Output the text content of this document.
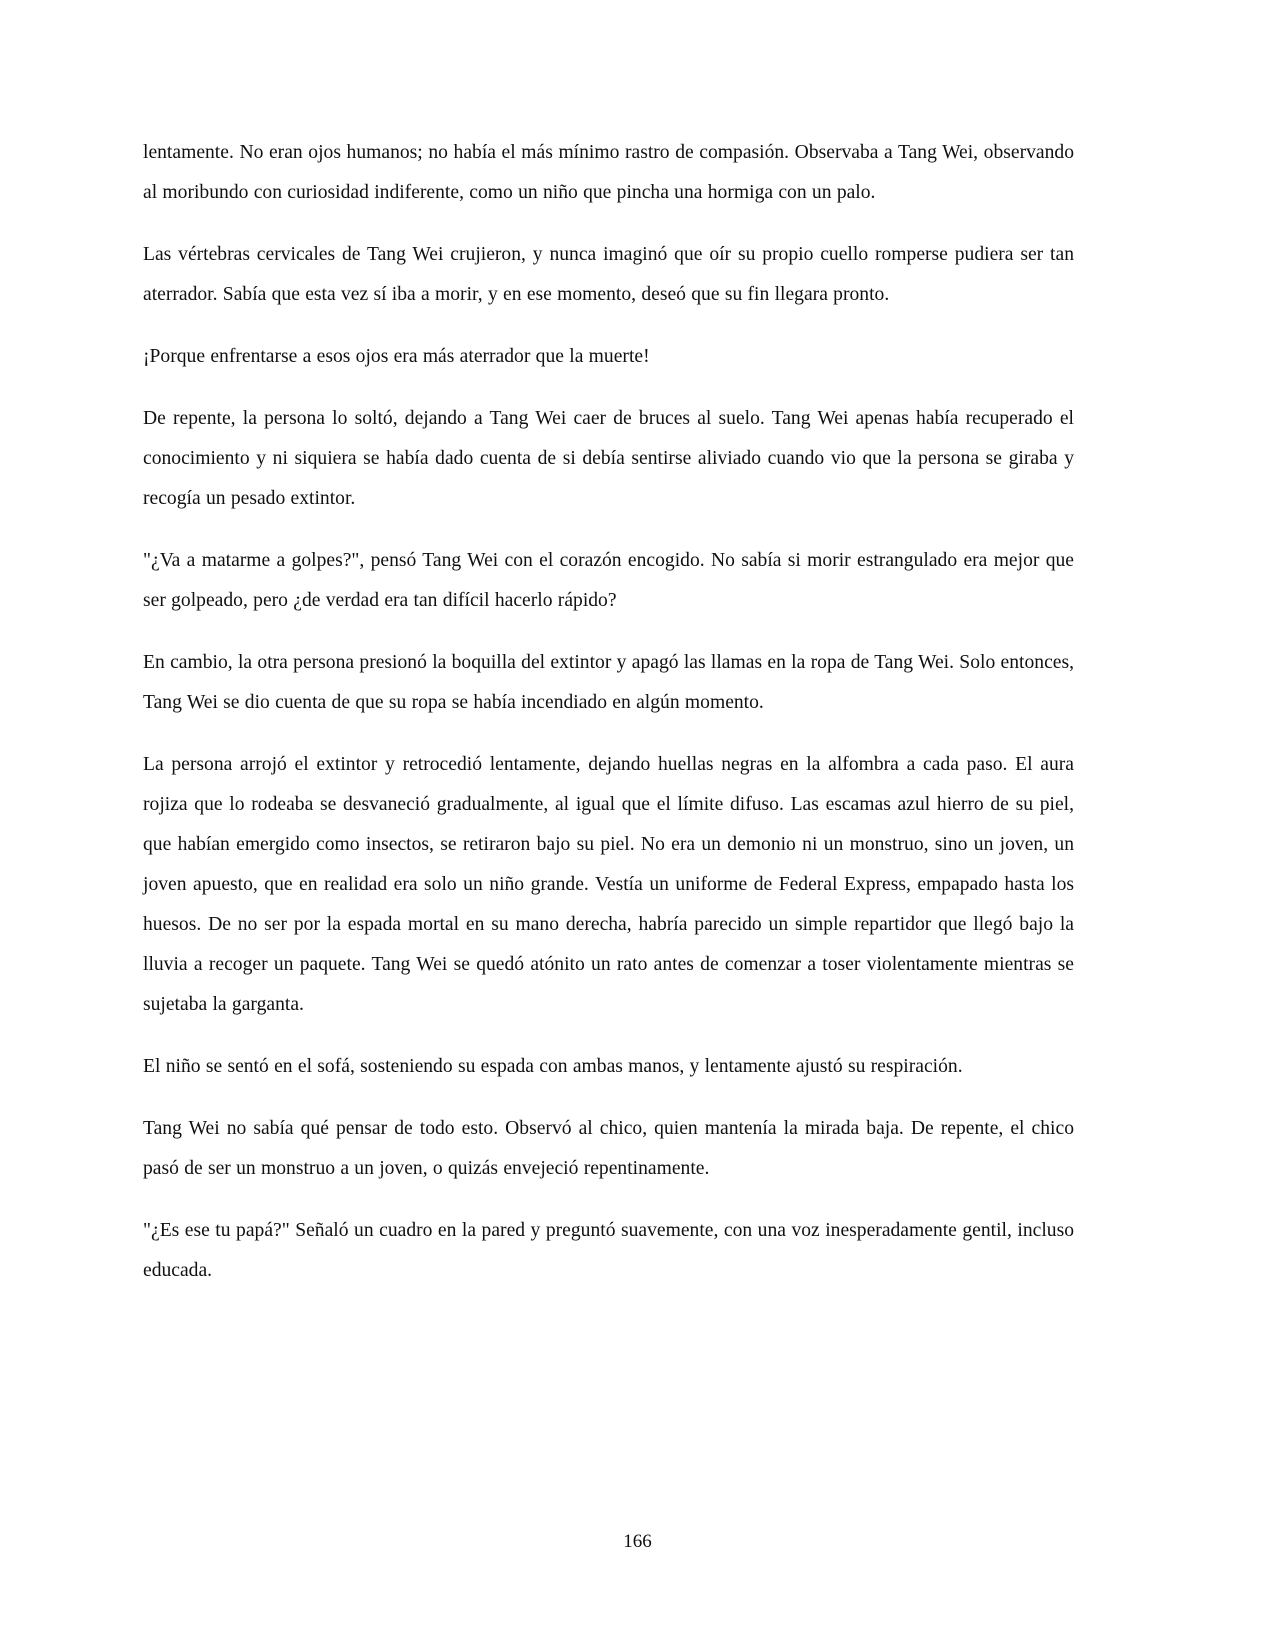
lentamente. No eran ojos humanos; no había el más mínimo rastro de compasión. Observaba a Tang Wei, observando al moribundo con curiosidad indiferente, como un niño que pincha una hormiga con un palo.

Las vértebras cervicales de Tang Wei crujieron, y nunca imaginó que oír su propio cuello romperse pudiera ser tan aterrador. Sabía que esta vez sí iba a morir, y en ese momento, deseó que su fin llegara pronto.

¡Porque enfrentarse a esos ojos era más aterrador que la muerte!

De repente, la persona lo soltó, dejando a Tang Wei caer de bruces al suelo. Tang Wei apenas había recuperado el conocimiento y ni siquiera se había dado cuenta de si debía sentirse aliviado cuando vio que la persona se giraba y recogía un pesado extintor.

"¿Va a matarme a golpes?", pensó Tang Wei con el corazón encogido. No sabía si morir estrangulado era mejor que ser golpeado, pero ¿de verdad era tan difícil hacerlo rápido?

En cambio, la otra persona presionó la boquilla del extintor y apagó las llamas en la ropa de Tang Wei. Solo entonces, Tang Wei se dio cuenta de que su ropa se había incendiado en algún momento.

La persona arrojó el extintor y retrocedió lentamente, dejando huellas negras en la alfombra a cada paso. El aura rojiza que lo rodeaba se desvaneció gradualmente, al igual que el límite difuso. Las escamas azul hierro de su piel, que habían emergido como insectos, se retiraron bajo su piel. No era un demonio ni un monstruo, sino un joven, un joven apuesto, que en realidad era solo un niño grande. Vestía un uniforme de Federal Express, empapado hasta los huesos. De no ser por la espada mortal en su mano derecha, habría parecido un simple repartidor que llegó bajo la lluvia a recoger un paquete. Tang Wei se quedó atónito un rato antes de comenzar a toser violentamente mientras se sujetaba la garganta.

El niño se sentó en el sofá, sosteniendo su espada con ambas manos, y lentamente ajustó su respiración.

Tang Wei no sabía qué pensar de todo esto. Observó al chico, quien mantenía la mirada baja. De repente, el chico pasó de ser un monstruo a un joven, o quizás envejeció repentinamente.

"¿Es ese tu papá?" Señaló un cuadro en la pared y preguntó suavemente, con una voz inesperadamente gentil, incluso educada.

166
